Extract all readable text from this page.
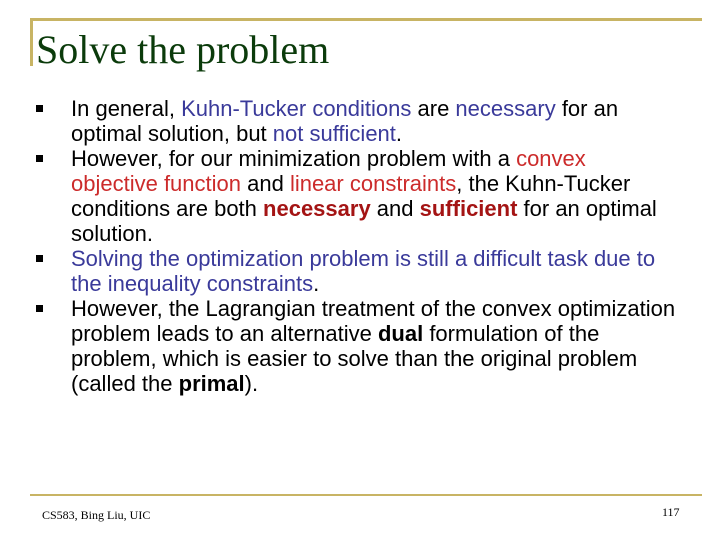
Solve the problem
In general, Kuhn-Tucker conditions are necessary for an optimal solution, but not sufficient.
However, for our minimization problem with a convex objective function and linear constraints, the Kuhn-Tucker conditions are both necessary and sufficient for an optimal solution.
Solving the optimization problem is still a difficult task due to the inequality constraints.
However, the Lagrangian treatment of the convex optimization problem leads to an alternative dual formulation of the problem, which is easier to solve than the original problem (called the primal).
CS583, Bing Liu, UIC	117
